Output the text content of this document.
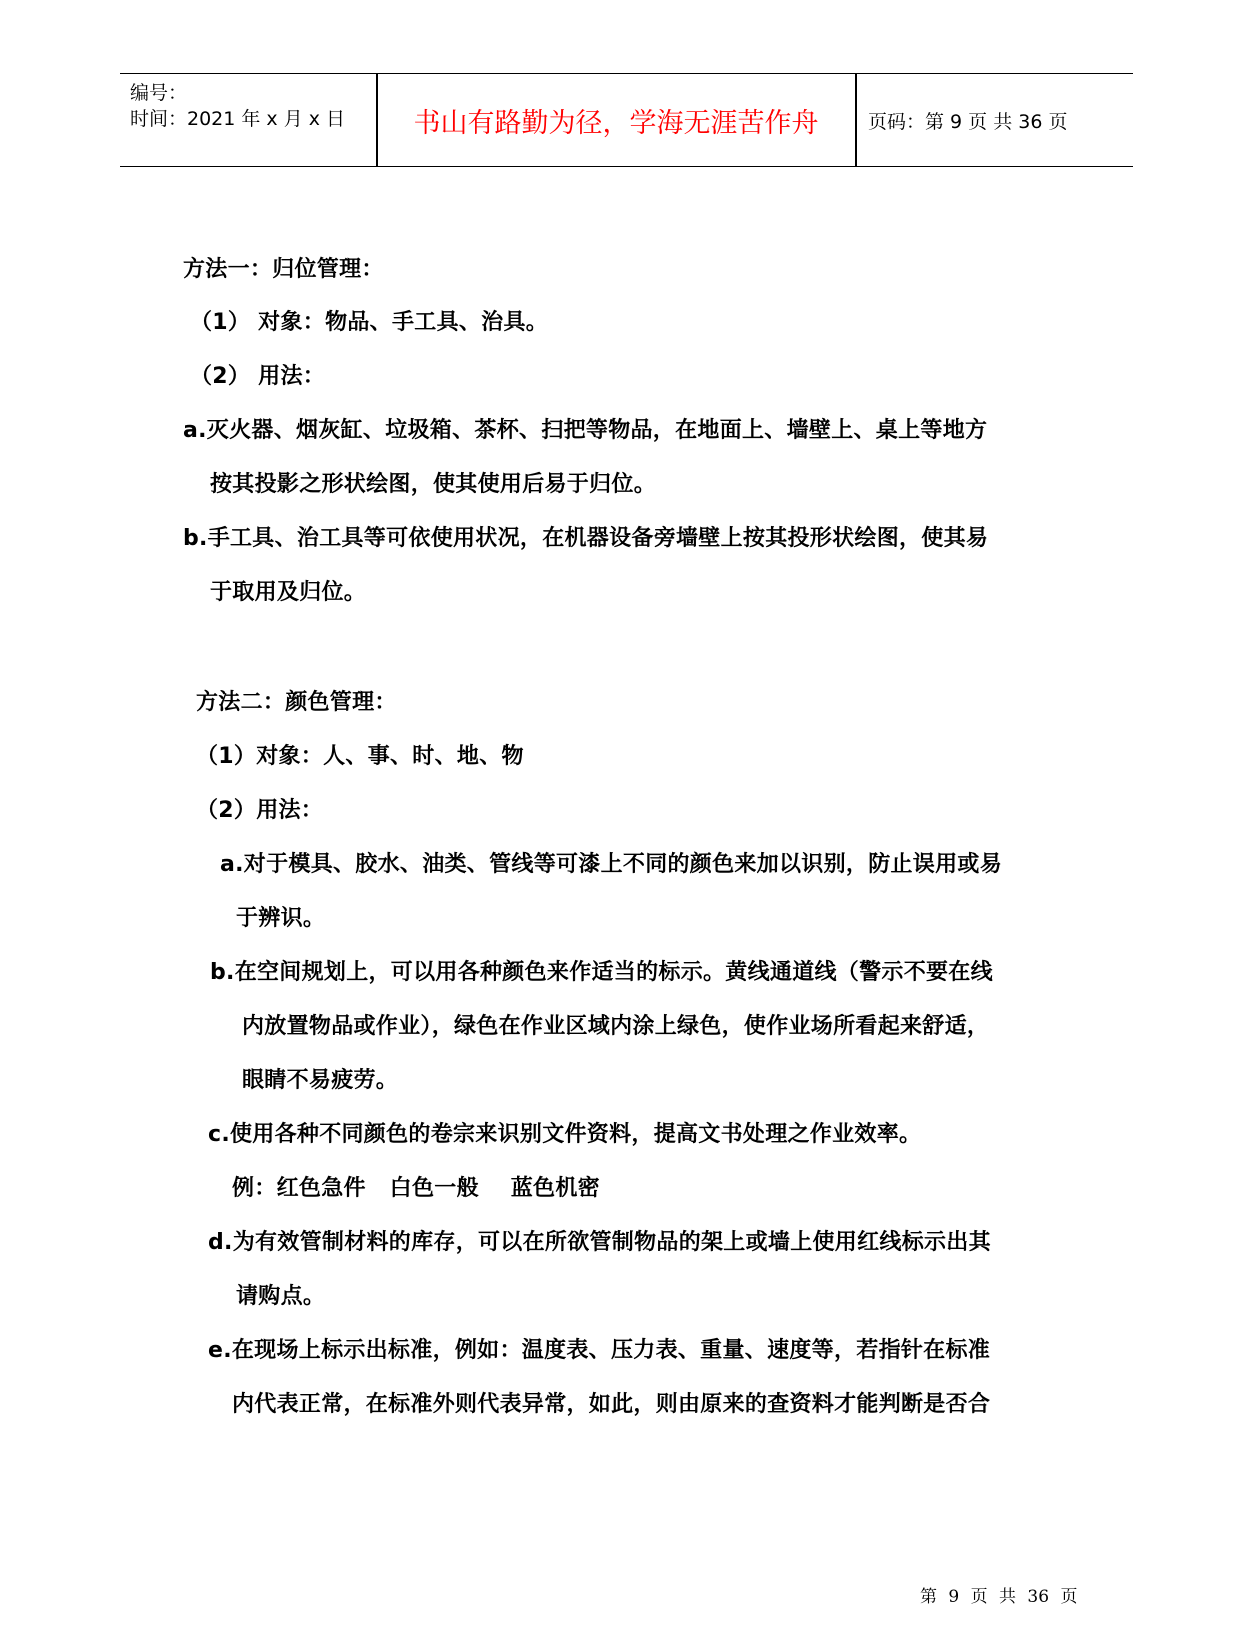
编号：
时间：2021 年 x 月 x 日	书山有路勤为径，学海无涯苦作舟	页码：第 9 页 共 36 页
方法一：归位管理：
（1） 对象：物品、手工具、治具。
（2） 用法：
a.灭火器、烟灰缸、垃圾箱、茶杯、扫把等物品，在地面上、墙壁上、桌上等地方
按其投影之形状绘图，使其使用后易于归位。
b.手工具、治工具等可依使用状况，在机器设备旁墙壁上按其投形状绘图，使其易
于取用及归位。
方法二：颜色管理：
（1）对象：人、事、时、地、物
（2）用法：
a.对于模具、胶水、油类、管线等可漆上不同的颜色来加以识别，防止误用或易
于辨识。
b.在空间规划上，可以用各种颜色来作适当的标示。黄线通道线（警示不要在线
内放置物品或作业），绿色在作业区域内涂上绿色，使作业场所看起来舒适，
眼睛不易疲劳。
c.使用各种不同颜色的卷宗来识别文件资料，提高文书处理之作业效率。
例：红色急件   白色一般    蓝色机密
d.为有效管制材料的库存，可以在所欲管制物品的架上或墙上使用红线标示出其
请购点。
e.在现场上标示出标准，例如：温度表、压力表、重量、速度等，若指针在标准
内代表正常，在标准外则代表异常，如此，则由原来的查资料才能判断是否合
第 9 页 共 36 页
